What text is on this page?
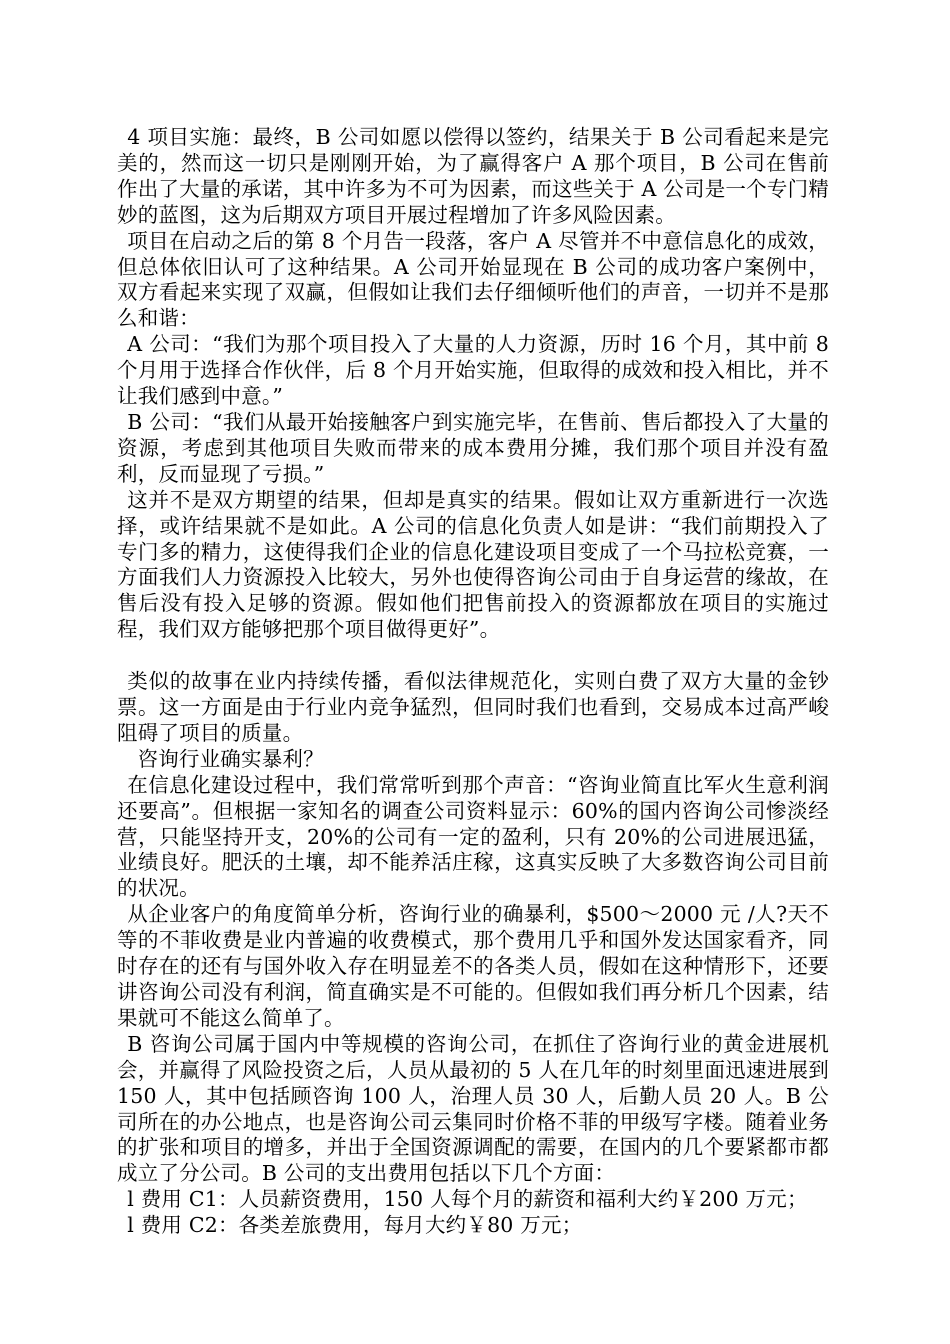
4 项目实施：最终，B 公司如愿以偿得以签约，结果关于 B 公司看起来是完美的，然而这一切只是刚刚开始，为了赢得客户 A 那个项目，B 公司在售前作出了大量的承诺，其中许多为不可为因素，而这些关于 A 公司是一个专门精妙的蓝图，这为后期双方项目开展过程增加了许多风险因素。

项目在启动之后的第 8 个月告一段落，客户 A 尽管并不中意信息化的成效，但总体依旧认可了这种结果。A 公司开始显现在 B 公司的成功客户案例中，双方看起来实现了双赢，但假如让我们去仔细倾听他们的声音，一切并不是那么和谐：

A 公司：“我们为那个项目投入了大量的人力资源，历时 16 个月，其中前 8 个月用于选择合作伙伴，后 8 个月开始实施，但取得的成效和投入相比，并不让我们感到中意。”

B 公司：“我们从最开始接触客户到实施完毕，在售前、售后都投入了大量的资源，考虑到其他项目失败而带来的成本费用分摊，我们那个项目并没有盈利，反而显现了亏损。”

这并不是双方期望的结果，但却是真实的结果。假如让双方重新进行一次选择，或许结果就不是如此。A 公司的信息化负责人如是讲：“我们前期投入了专门多的精力，这使得我们企业的信息化建设项目变成了一个马拉松竞赛，一方面我们人力资源投入比较大，另外也使得咨询公司由于自身运营的缘故，在售后没有投入足够的资源。假如他们把售前投入的资源都放在项目的实施过程，我们双方能够把那个项目做得更好”。

类似的故事在业内持续传播，看似法律规范化，实则白费了双方大量的金钞票。这一方面是由于行业内竞争猛烈，但同时我们也看到，交易成本过高严峻阻碍了项目的质量。

咨询行业确实暴利？

在信息化建设过程中，我们常常听到那个声音：“咨询业简直比军火生意利润还要高”。但根据一家知名的调查公司资料显示：60%的国内咨询公司惨淡经营，只能坚持开支，20%的公司有一定的盈利，只有 20%的公司进展迅猛，业绩良好。肥沃的土壤，却不能养活庄稼，这真实反映了大多数咨询公司目前的状况。

从企业客户的角度简单分析，咨询行业的确暴利，$500～2000 元 /人?天不等的不菲收费是业内普遍的收费模式，那个费用几乎和国外发达国家看齐，同时存在的还有与国外收入存在明显差不的各类人员，假如在这种情形下，还要讲咨询公司没有利润，简直确实是不可能的。但假如我们再分析几个因素，结果就可不能这么简单了。

B 咨询公司属于国内中等规模的咨询公司，在抓住了咨询行业的黄金进展机会，并赢得了风险投资之后，人员从最初的 5 人在几年的时刻里面迅速进展到 150 人，其中包括顾咨询 100 人，治理人员 30 人，后勤人员 20 人。B 公司所在的办公地点，也是咨询公司云集同时价格不菲的甲级写字楼。随着业务的扩张和项目的增多，并出于全国资源调配的需要，在国内的几个要紧都市都成立了分公司。B 公司的支出费用包括以下几个方面：

l 费用 C1：人员薪资费用，150 人每个月的薪资和福利大约￥200 万元；

l 费用 C2：各类差旅费用，每月大约￥80 万元；
